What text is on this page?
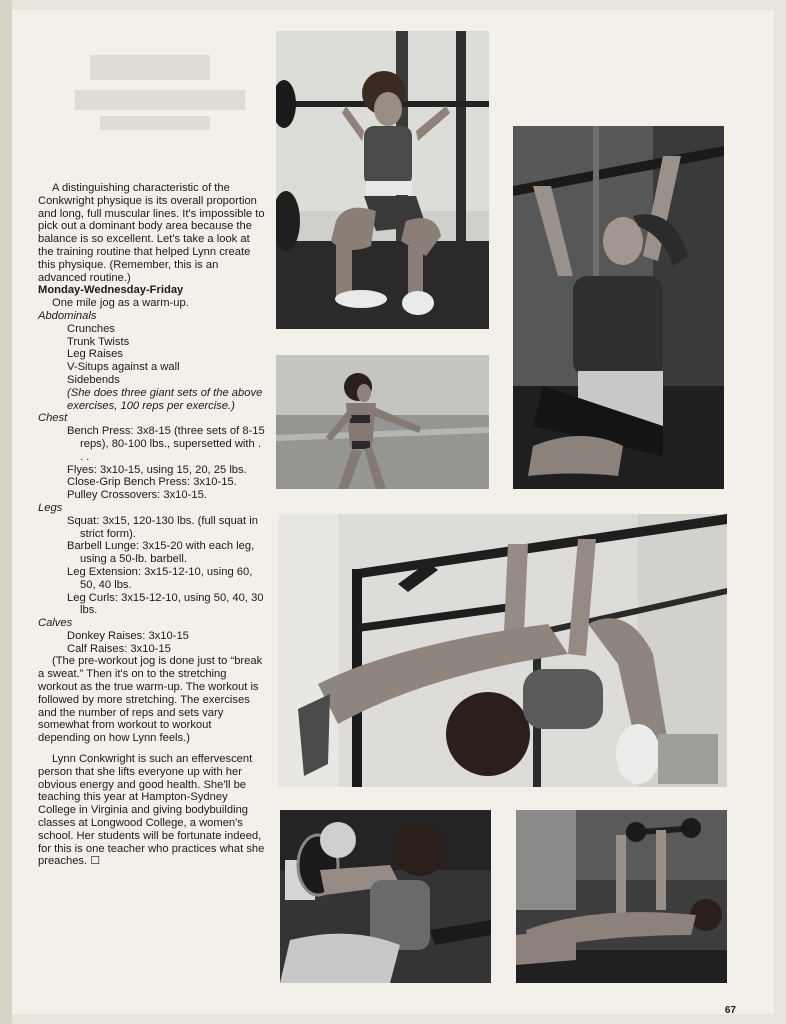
A distinguishing characteristic of the Conkwright physique is its overall proportion and long, full muscular lines. It's impossible to pick out a dominant body area because the balance is so excellent. Let's take a look at the training routine that helped Lynn create this physique. (Remember, this is an advanced routine.)

Monday-Wednesday-Friday

One mile jog as a warm-up.

Abdominals

Crunches

Trunk Twists

Leg Raises

V-Situps against a wall

Sidebends

(She does three giant sets of the above exercises, 100 reps per exercise.)

Chest

Bench Press: 3x8-15 (three sets of 8-15 reps), 80-100 lbs., supersetted with . . .

Flyes: 3x10-15, using 15, 20, 25 lbs.

Close-Grip Bench Press: 3x10-15.

Pulley Crossovers: 3x10-15.

Legs

Squat: 3x15, 120-130 lbs. (full squat in strict form).

Barbell Lunge: 3x15-20 with each leg, using a 50-lb. barbell.

Leg Extension: 3x15-12-10, using 60, 50, 40 lbs.

Leg Curls: 3x15-12-10, using 50, 40, 30 lbs.

Calves

Donkey Raises: 3x10-15

Calf Raises: 3x10-15

(The pre-workout jog is done just to “break a sweat.” Then it's on to the stretching workout as the true warm-up. The workout is followed by more stretching. The exercises and the number of reps and sets vary somewhat from workout to workout depending on how Lynn feels.)

Lynn Conkwright is such an effervescent person that she lifts everyone up with her obvious energy and good health. She'll be teaching this year at Hampton-Sydney College in Virginia and giving bodybuilding classes at Longwood College, a women's school. Her students will be fortunate indeed, for this is one teacher who practices what she preaches. ☐

67
